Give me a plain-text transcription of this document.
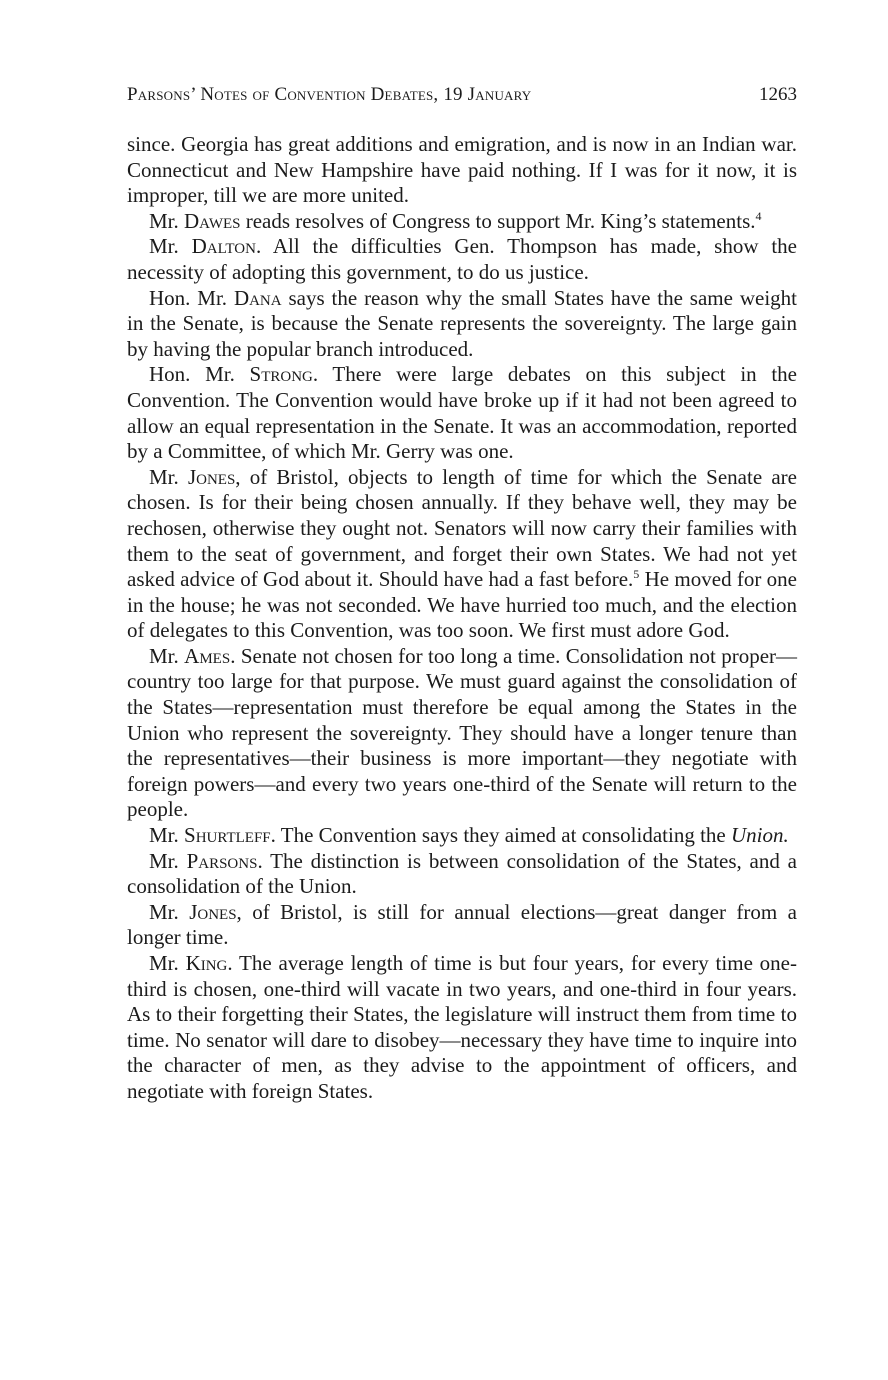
Parsons’ Notes of Convention Debates, 19 January	1263

since. Georgia has great additions and emigration, and is now in an Indian war. Connecticut and New Hampshire have paid nothing. If I was for it now, it is improper, till we are more united.

Mr. Dawes reads resolves of Congress to support Mr. King’s statements.$^4$

Mr. Dalton. All the difficulties Gen. Thompson has made, show the necessity of adopting this government, to do us justice.

Hon. Mr. Dana says the reason why the small States have the same weight in the Senate, is because the Senate represents the sovereignty. The large gain by having the popular branch introduced.

Hon. Mr. Strong. There were large debates on this subject in the Convention. The Convention would have broke up if it had not been agreed to allow an equal representation in the Senate. It was an accommodation, reported by a Committee, of which Mr. Gerry was one.

Mr. Jones, of Bristol, objects to length of time for which the Senate are chosen. Is for their being chosen annually. If they behave well, they may be rechosen, otherwise they ought not. Senators will now carry their families with them to the seat of government, and forget their own States. We had not yet asked advice of God about it. Should have had a fast before.$^5$ He moved for one in the house; he was not seconded. We have hurried too much, and the election of delegates to this Convention, was too soon. We first must adore God.

Mr. Ames. Senate not chosen for too long a time. Consolidation not proper—country too large for that purpose. We must guard against the consolidation of the States—representation must therefore be equal among the States in the Union who represent the sovereignty. They should have a longer tenure than the representatives—their business is more important—they negotiate with foreign powers—and every two years one-third of the Senate will return to the people.

Mr. Shurtleff. The Convention says they aimed at consolidating the Union.

Mr. Parsons. The distinction is between consolidation of the States, and a consolidation of the Union.

Mr. Jones, of Bristol, is still for annual elections—great danger from a longer time.

Mr. King. The average length of time is but four years, for every time one-third is chosen, one-third will vacate in two years, and one-third in four years. As to their forgetting their States, the legislature will instruct them from time to time. No senator will dare to disobey—necessary they have time to inquire into the character of men, as they advise to the appointment of officers, and negotiate with foreign States.
